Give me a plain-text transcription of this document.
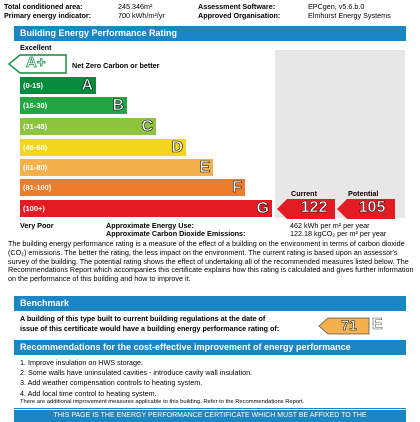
Total conditioned area:	245.346m²
Primary energy indicator:	700 kWh/m²/yr
Assessment Software:	EPCgen, v5.6.b.0
Approved Organisation:	Elmhurst Energy Systems
Building Energy Performance Rating
Excellent
A+	Net Zero Carbon or better
(0-15) A
(16-30)	B
(31-45)	C
(46-60)	D
(61-80)	E
(81-100)	F
(100+)	G
Current	Potential
122	105
Very Poor	Approximate Energy Use:	462 kWh per m² per year
Approximate Carbon Dioxide Emissions:	122.18 kgCO₂ per m² per year
The building energy performance rating is a measure of the effect of a building on the environment in terms of carbon dioxide (CO₂) emissions. The better the rating, the less impact on the environment. The current rating is based upon an assessor's survey of the building. The potential rating shows the effect of undertaking all of the recommended measures listed below. The Recommendations Report which accompanies this certificate explains how this rating is calculated and gives further information on the performance of this building and how to improve it.
Benchmark
A building of this type built to current building regulations at the date of
issue of this certificate would have a building energy performance rating of:	71 E
Recommendations for the cost-effective improvement of energy performance
1. Improve insulation on HWS storage.
2. Some walls have uninsulated cavities - introduce cavity wall insulation.
3. Add weather compensation controls to heating system.
4. Add local time control to heating system.
There are additional improvement measures applicable to this building. Refer to the Recommendations Report.
THIS PAGE IS THE ENERGY PERFORMANCE CERTIFICATE WHICH MUST BE AFFIXED TO THE
